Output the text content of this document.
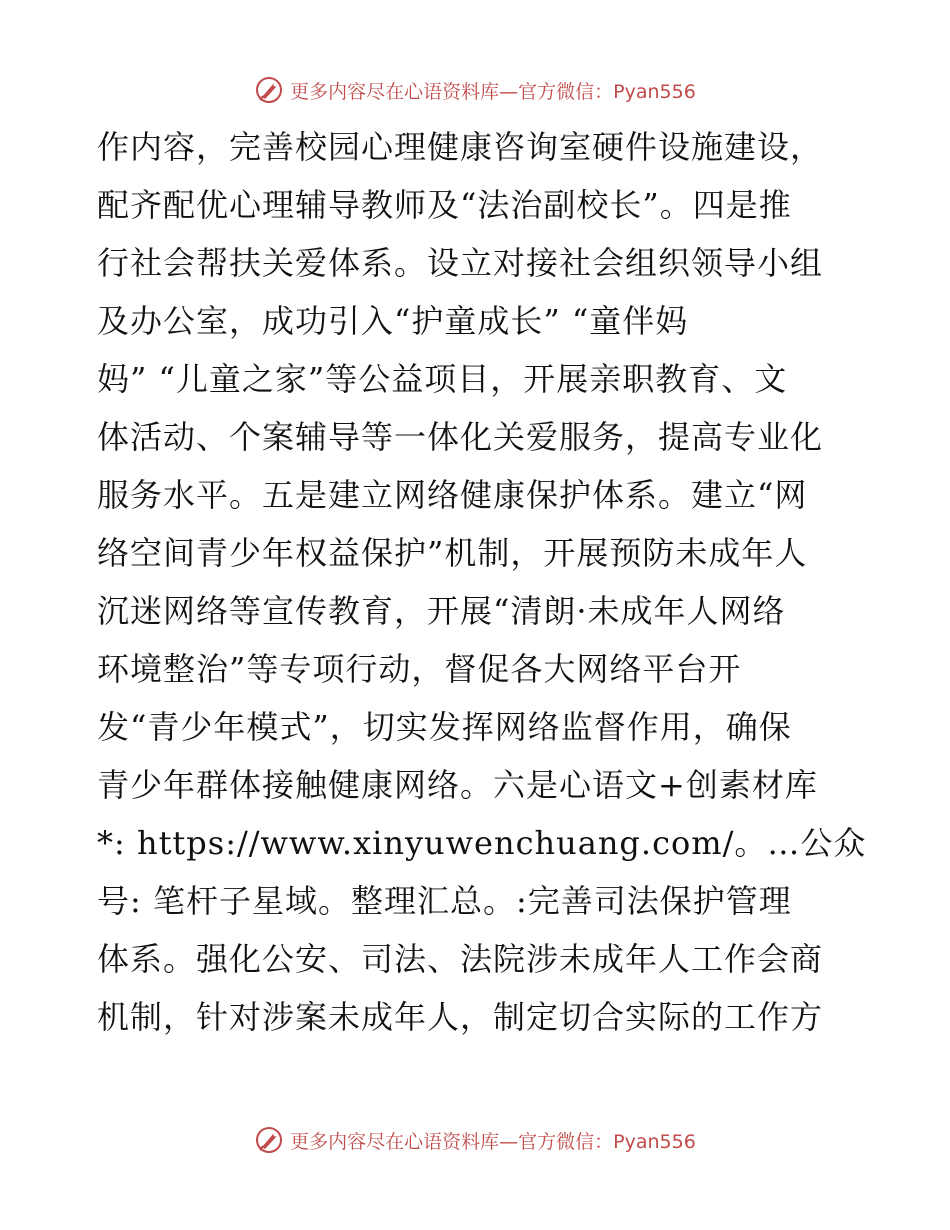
更多内容尽在心语资料库—官方微信：Pyan556
作内容，完善校园心理健康咨询室硬件设施建设，
配齐配优心理辅导教师及“法治副校长”。四是推
行社会帮扶关爱体系。设立对接社会组织领导小组
及办公室，成功引入“护童成长” “童伴妈
妈” “儿童之家”等公益项目，开展亲职教育、文
体活动、个案辅导等一体化关爱服务，提高专业化
服务水平。五是建立网络健康保护体系。建立“网
络空间青少年权益保护”机制，开展预防未成年人
沉迷网络等宣传教育，开展“清朗·未成年人网络
环境整治”等专项行动，督促各大网络平台开
发“青少年模式”，切实发挥网络监督作用，确保
青少年群体接触健康网络。六是心语文+创素材库
*: https://www.xinyuwenchuang.com/。…公众
号: 笔杆子星域。整理汇总。:完善司法保护管理
体系。强化公安、司法、法院涉未成年人工作会商
机制，针对涉案未成年人，制定切合实际的工作方
更多内容尽在心语资料库—官方微信：Pyan556
